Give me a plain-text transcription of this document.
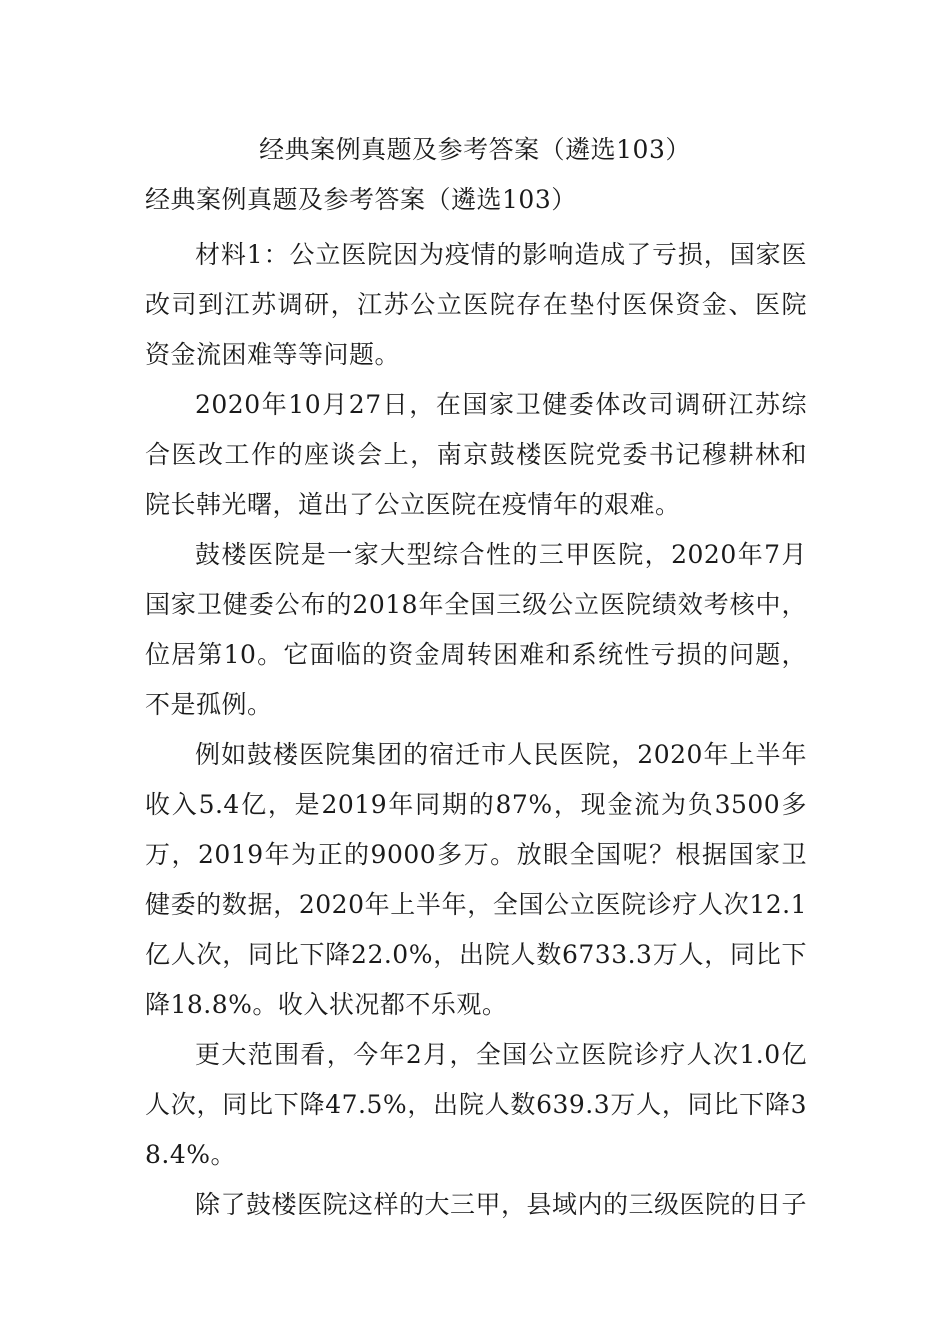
经典案例真题及参考答案（遴选103）
经典案例真题及参考答案（遴选103）

材料1：公立医院因为疫情的影响造成了亏损，国家医改司到江苏调研，江苏公立医院存在垫付医保资金、医院资金流困难等等问题。

2020年10月27日，在国家卫健委体改司调研江苏综合医改工作的座谈会上，南京鼓楼医院党委书记穆耕林和院长韩光曙，道出了公立医院在疫情年的艰难。

鼓楼医院是一家大型综合性的三甲医院，2020年7月国家卫健委公布的2018年全国三级公立医院绩效考核中，位居第10。它面临的资金周转困难和系统性亏损的问题，不是孤例。

例如鼓楼医院集团的宿迁市人民医院，2020年上半年收入5.4亿，是2019年同期的87%，现金流为负3500多万，2019年为正的9000多万。放眼全国呢？根据国家卫健委的数据，2020年上半年，全国公立医院诊疗人次12.1亿人次，同比下降22.0%，出院人数6733.3万人，同比下降18.8%。收入状况都不乐观。

更大范围看，今年2月，全国公立医院诊疗人次1.0亿人次，同比下降47.5%，出院人数639.3万人，同比下降38.4%。

除了鼓楼医院这样的大三甲，县域内的三级医院的日子
